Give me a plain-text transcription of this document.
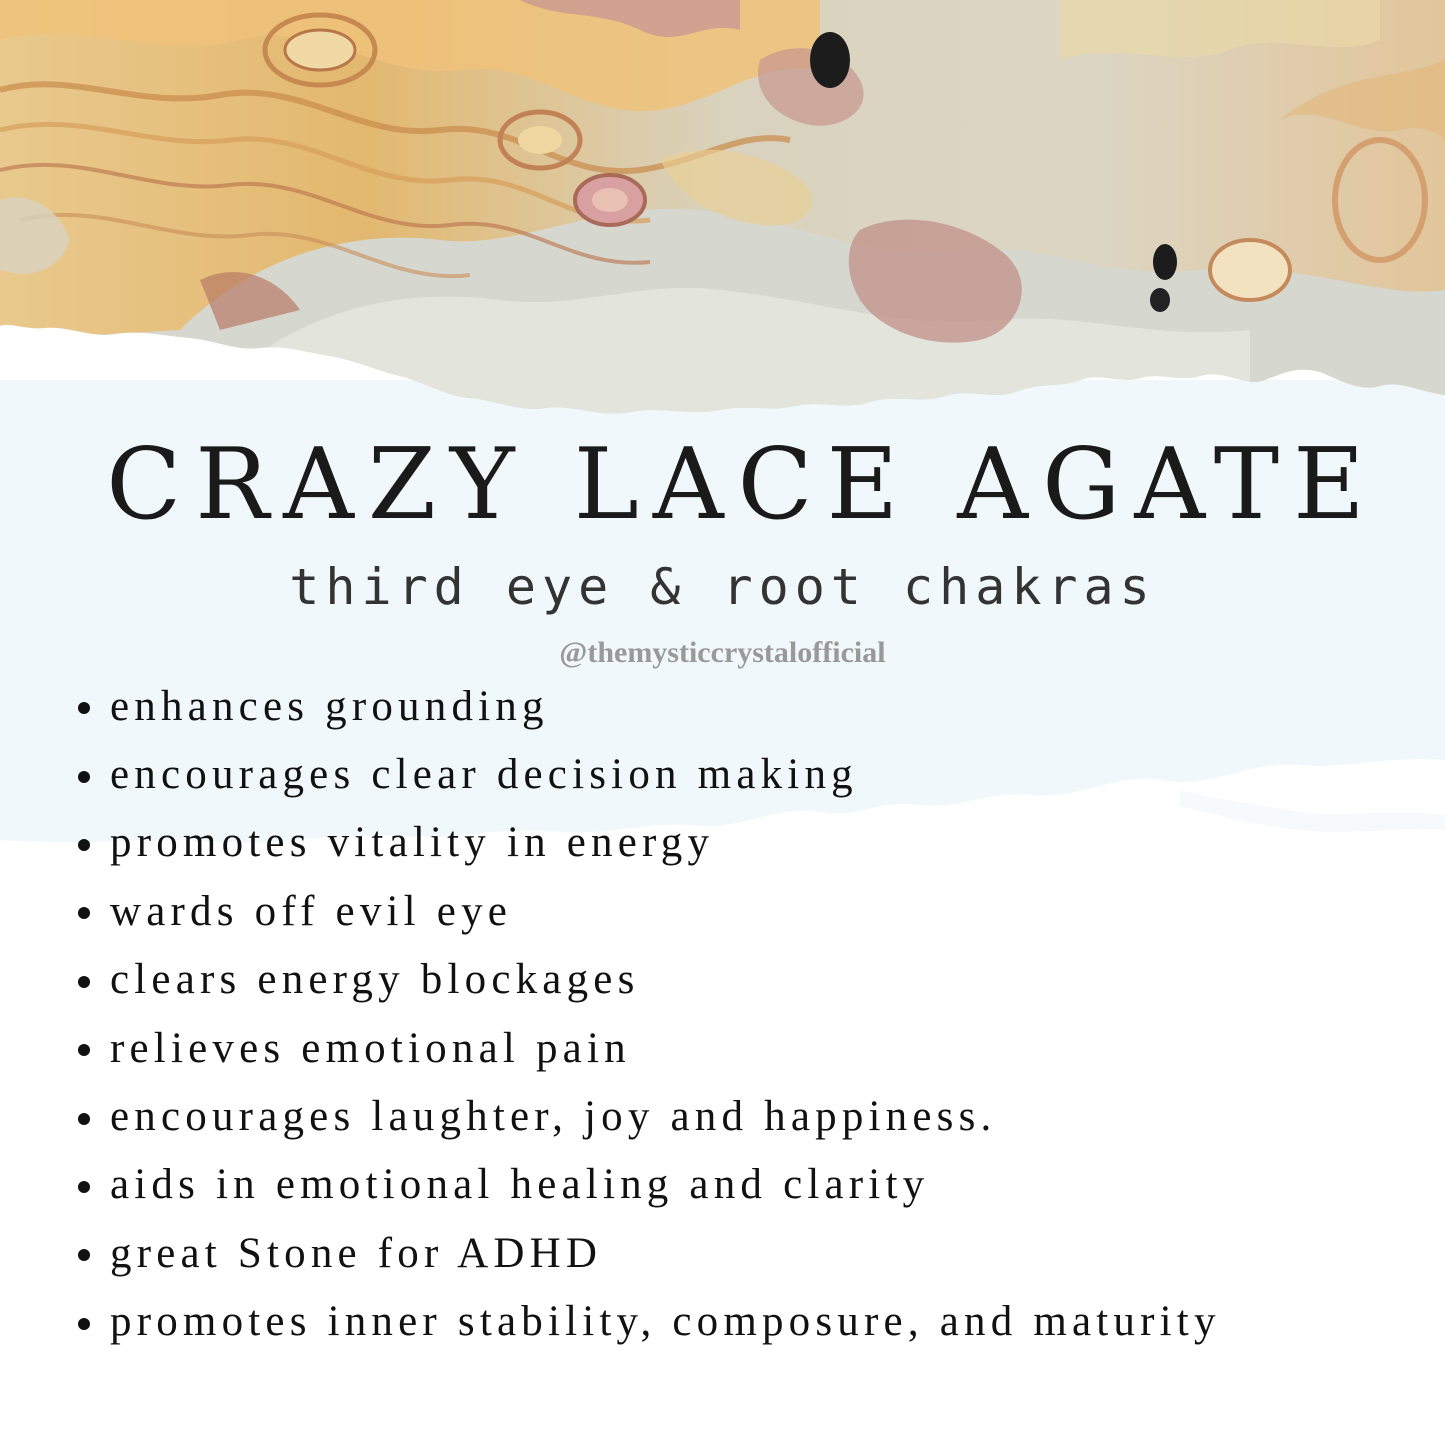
CRAZY LACE AGATE
third eye & root chakras
@themysticcrystalofficial
enhances grounding
encourages clear decision making
promotes vitality in energy
wards off evil eye
clears energy blockages
relieves emotional pain
encourages laughter, joy and happiness.
aids in emotional healing and clarity
great Stone for ADHD
promotes inner stability, composure, and maturity
